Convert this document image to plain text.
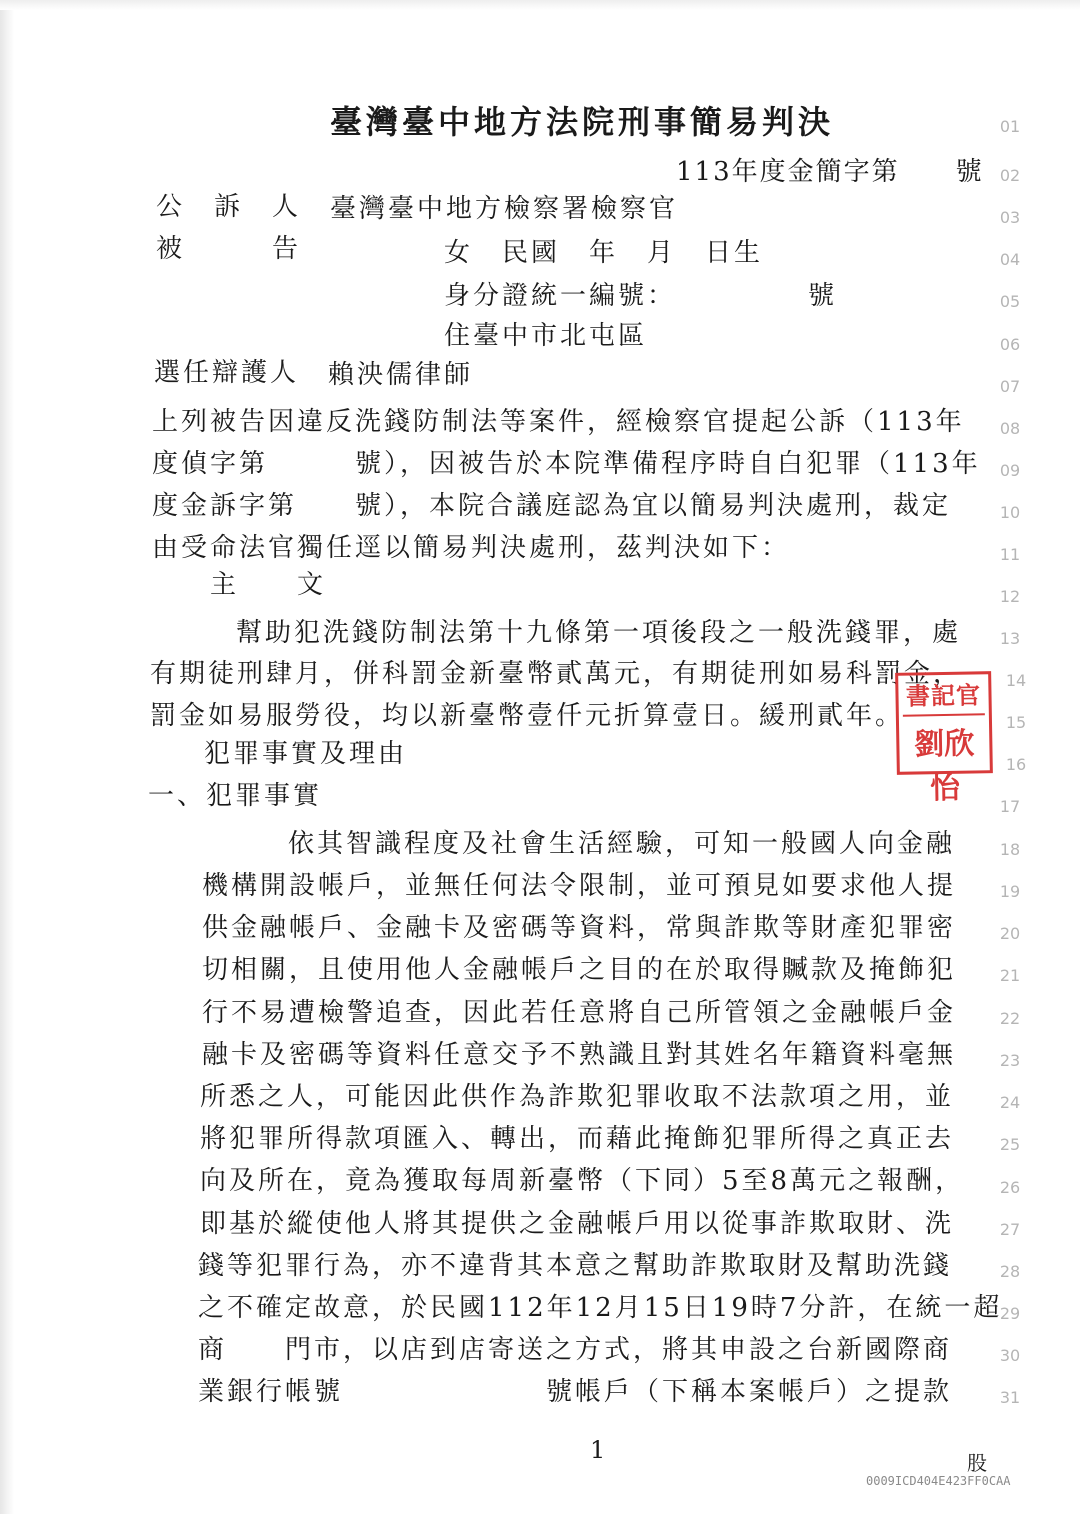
臺灣臺中地方法院刑事簡易判決
113年度金簡字第　　號
公　訴　人 臺灣臺中地方檢察署檢察官
被　　　告	女　民國　年　月　日生
身分證統一編號：　　　　　號
住臺中市北屯區
選任辯護人 賴泱儒律師
上列被告因違反洗錢防制法等案件，經檢察官提起公訴（113年
度偵字第　　　號），因被告於本院準備程序時自白犯罪（113年
度金訴字第　　號），本院合議庭認為宜以簡易判決處刑，裁定
由受命法官獨任逕以簡易判決處刑，茲判決如下：
主　　文
幫助犯洗錢防制法第十九條第一項後段之一般洗錢罪，處
有期徒刑肆月，併科罰金新臺幣貳萬元，有期徒刑如易科罰金，
罰金如易服勞役，均以新臺幣壹仟元折算壹日。緩刑貳年。
犯罪事實及理由
一、犯罪事實
依其智識程度及社會生活經驗，可知一般國人向金融
機構開設帳戶，並無任何法令限制，並可預見如要求他人提
供金融帳戶、金融卡及密碼等資料，常與詐欺等財產犯罪密
切相關，且使用他人金融帳戶之目的在於取得贓款及掩飾犯
行不易遭檢警追查，因此若任意將自己所管領之金融帳戶金
融卡及密碼等資料任意交予不熟識且對其姓名年籍資料毫無
所悉之人，可能因此供作為詐欺犯罪收取不法款項之用，並
將犯罪所得款項匯入、轉出，而藉此掩飾犯罪所得之真正去
向及所在，竟為獲取每周新臺幣（下同）5至8萬元之報酬，
即基於縱使他人將其提供之金融帳戶用以從事詐欺取財、洗
錢等犯罪行為，亦不違背其本意之幫助詐欺取財及幫助洗錢
之不確定故意，於民國112年12月15日19時7分許，在統一超
商　　門市，以店到店寄送之方式，將其申設之台新國際商
業銀行帳號　　　　　　　號帳戶（下稱本案帳戶）之提款
01
02
03
04
05
06
07
08
09
10
11
12
13
14
15
16
17
18
19
20
21
22
23
24
25
26
27
28
29
30
31
書記官
劉欣怡
1	股
0009ICD404E423FF0CAA
